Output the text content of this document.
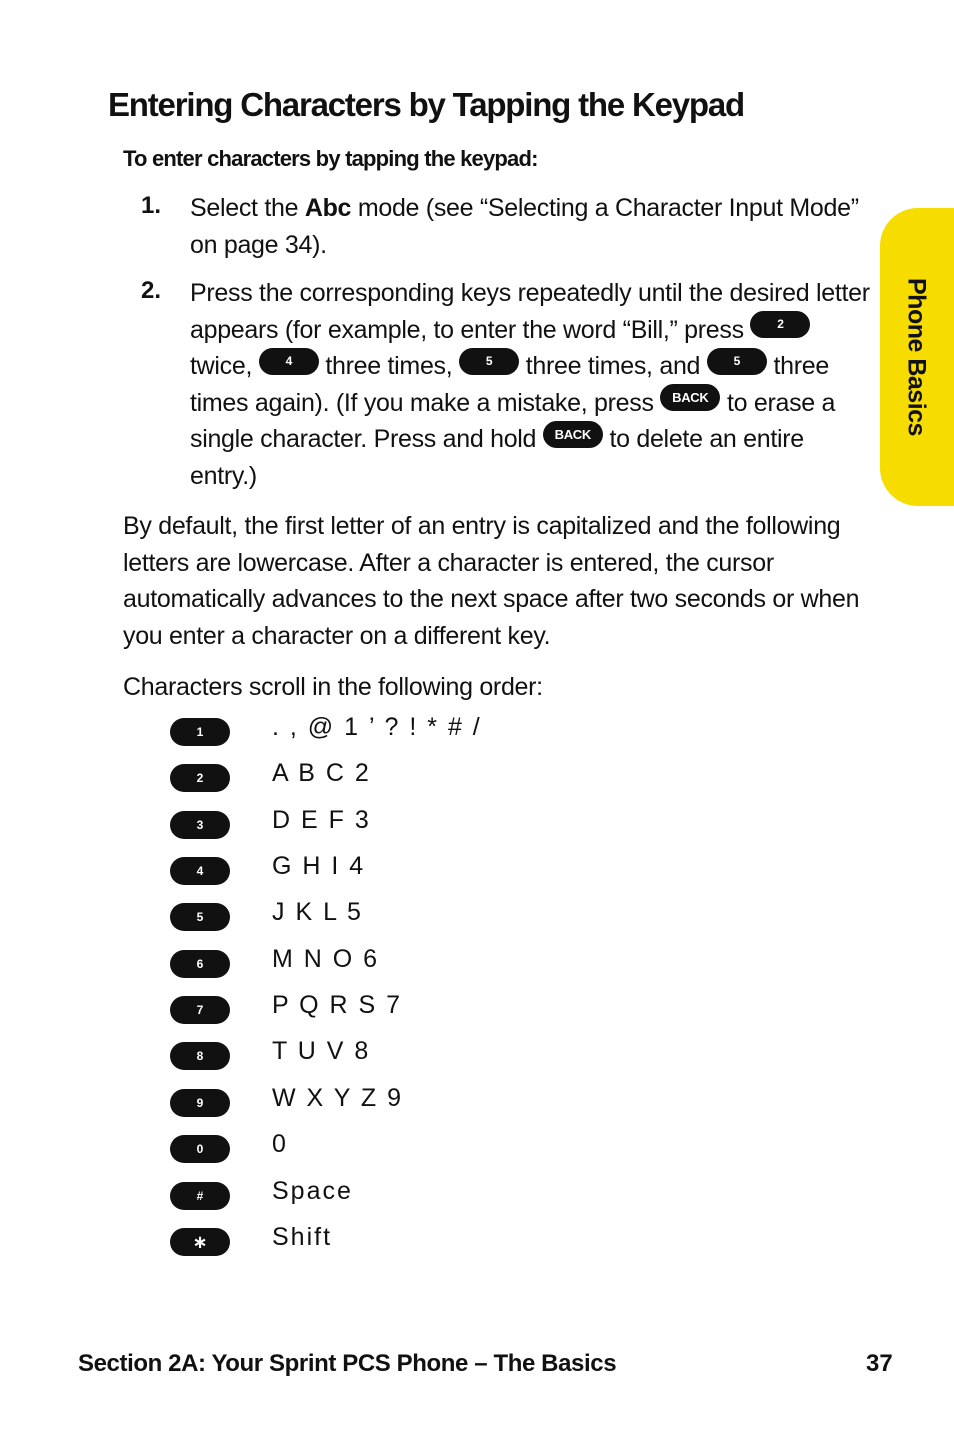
Entering Characters by Tapping the Keypad
To enter characters by tapping the keypad:
1. Select the Abc mode (see “Selecting a Character Input Mode” on page 34).
2. Press the corresponding keys repeatedly until the desired letter appears (for example, to enter the word “Bill,” press 2 twice, 4 three times, 5 three times, and 5 three times again). (If you make a mistake, press BACK to erase a single character. Press and hold BACK to delete an entire entry.)
By default, the first letter of an entry is capitalized and the following letters are lowercase. After a character is entered, the cursor automatically advances to the next space after two seconds or when you enter a character on a different key.
Characters scroll in the following order:
1	. , @ 1 ’ ? ! * # /
2	A B C 2
3	D E F 3
4	G H I 4
5	J K L 5
6	M N O 6
7	P Q R S 7
8	T U V 8
9	W X Y Z 9
0	0
#	Space
∗	Shift
Phone Basics
Section 2A: Your Sprint PCS Phone – The Basics	37
